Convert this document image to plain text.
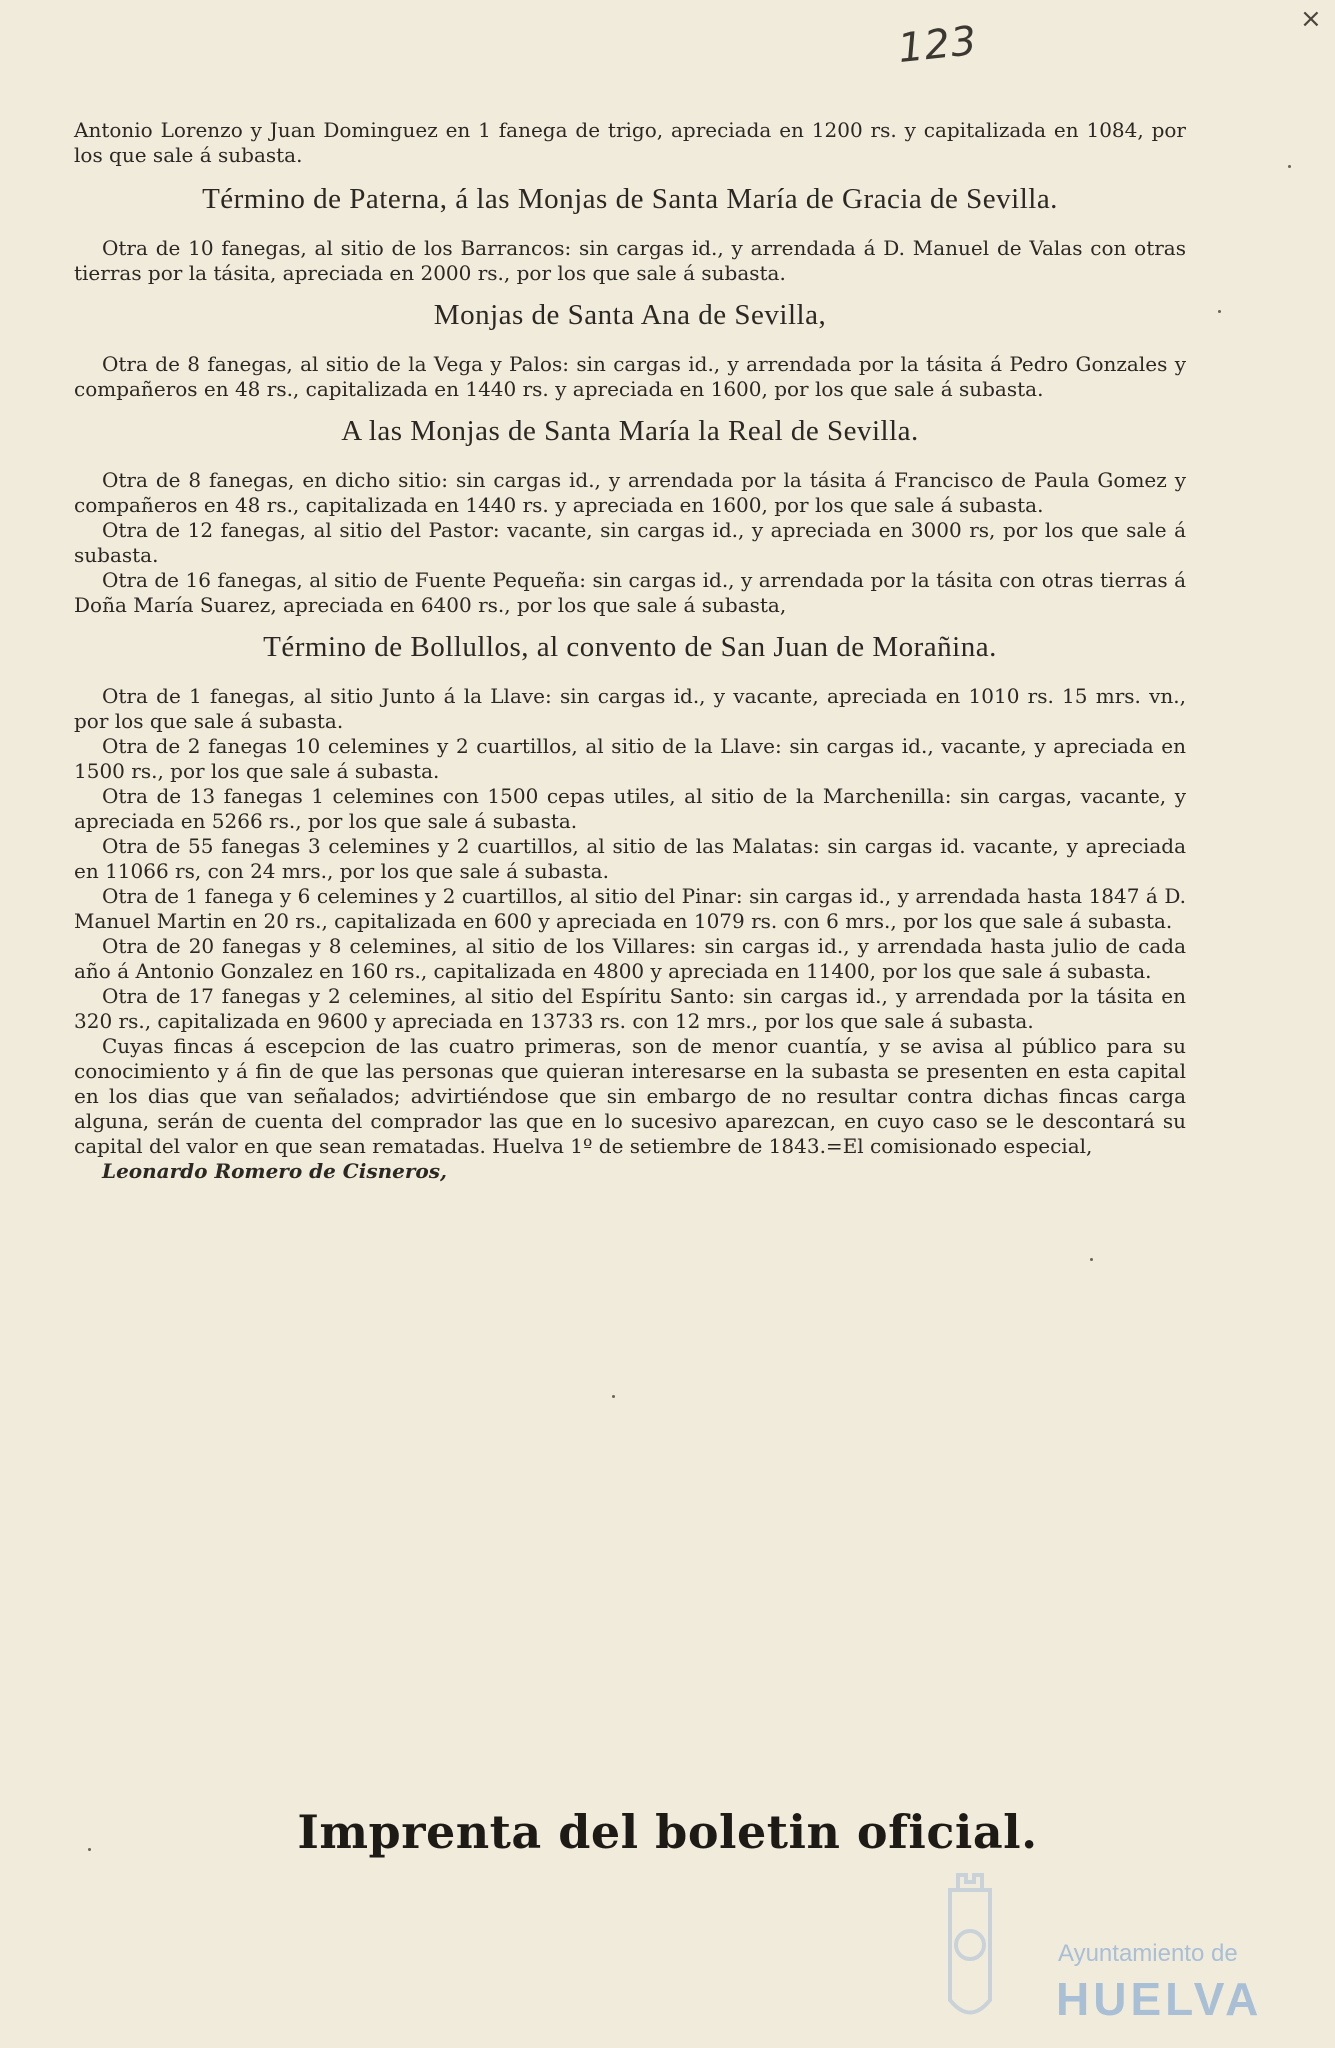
123	×

Antonio Lorenzo y Juan Dominguez en 1 fanega de trigo, apreciada en 1200 rs. y capitalizada en 1084, por los que sale á subasta.

Término de Paterna, á las Monjas de Santa María de Gracia de Sevilla.

Otra de 10 fanegas, al sitio de los Barrancos: sin cargas id., y arrendada á D. Manuel de Valas con otras tierras por la tásita, apreciada en 2000 rs., por los que sale á subasta.

Monjas de Santa Ana de Sevilla,

Otra de 8 fanegas, al sitio de la Vega y Palos: sin cargas id., y arrendada por la tásita á Pedro Gonzales y compañeros en 48 rs., capitalizada en 1440 rs. y apreciada en 1600, por los que sale á subasta.

A las Monjas de Santa María la Real de Sevilla.

Otra de 8 fanegas, en dicho sitio: sin cargas id., y arrendada por la tásita á Francisco de Paula Gomez y compañeros en 48 rs., capitalizada en 1440 rs. y apreciada en 1600, por los que sale á subasta.

Otra de 12 fanegas, al sitio del Pastor: vacante, sin cargas id., y apreciada en 3000 rs, por los que sale á subasta.

Otra de 16 fanegas, al sitio de Fuente Pequeña: sin cargas id., y arrendada por la tásita con otras tierras á Doña María Suarez, apreciada en 6400 rs., por los que sale á subasta,

Término de Bollullos, al convento de San Juan de Morañina.

Otra de 1 fanegas, al sitio Junto á la Llave: sin cargas id., y vacante, apreciada en 1010 rs. 15 mrs. vn., por los que sale á subasta.

Otra de 2 fanegas 10 celemines y 2 cuartillos, al sitio de la Llave: sin cargas id., vacante, y apreciada en 1500 rs., por los que sale á subasta.

Otra de 13 fanegas 1 celemines con 1500 cepas utiles, al sitio de la Marchenilla: sin cargas, vacante, y apreciada en 5266 rs., por los que sale á subasta.

Otra de 55 fanegas 3 celemines y 2 cuartillos, al sitio de las Malatas: sin cargas id. vacante, y apreciada en 11066 rs, con 24 mrs., por los que sale á subasta.

Otra de 1 fanega y 6 celemines y 2 cuartillos, al sitio del Pinar: sin cargas id., y arrendada hasta 1847 á D. Manuel Martin en 20 rs., capitalizada en 600 y apreciada en 1079 rs. con 6 mrs., por los que sale á subasta.

Otra de 20 fanegas y 8 celemines, al sitio de los Villares: sin cargas id., y arrendada hasta julio de cada año á Antonio Gonzalez en 160 rs., capitalizada en 4800 y apreciada en 11400, por los que sale á subasta.

Otra de 17 fanegas y 2 celemines, al sitio del Espíritu Santo: sin cargas id., y arrendada por la tásita en 320 rs., capitalizada en 9600 y apreciada en 13733 rs. con 12 mrs., por los que sale á subasta.

Cuyas fincas á escepcion de las cuatro primeras, son de menor cuantía, y se avisa al público para su conocimiento y á fin de que las personas que quieran interesarse en la subasta se presenten en esta capital en los dias que van señalados; advirtiéndose que sin embargo de no resultar contra dichas fincas carga alguna, serán de cuenta del comprador las que en lo sucesivo aparezcan, en cuyo caso se le descontará su capital del valor en que sean rematadas. Huelva 1º de setiembre de 1843.=El comisionado especial,

Leonardo Romero de Cisneros,

Imprenta del boletin oficial.
Ayuntamiento de
HUELVA
